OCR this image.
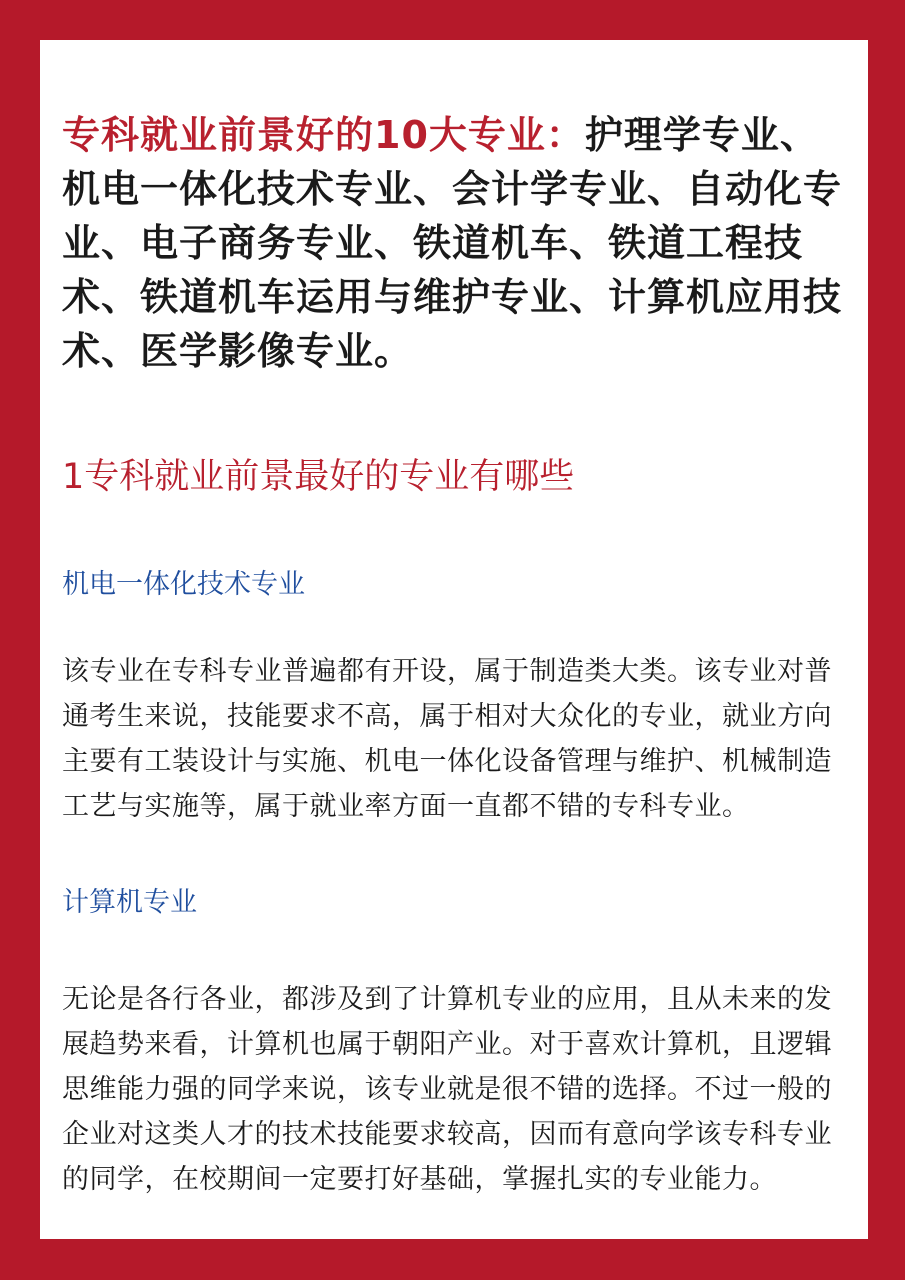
专科就业前景好的10大专业：护理学专业、机电一体化技术专业、会计学专业、自动化专业、电子商务专业、铁道机车、铁道工程技术、铁道机车运用与维护专业、计算机应用技术、医学影像专业。

1专科就业前景最好的专业有哪些
机电一体化技术专业

该专业在专科专业普遍都有开设，属于制造类大类。该专业对普通考生来说，技能要求不高，属于相对大众化的专业，就业方向主要有工装设计与实施、机电一体化设备管理与维护、机械制造工艺与实施等，属于就业率方面一直都不错的专科专业。

计算机专业

无论是各行各业，都涉及到了计算机专业的应用，且从未来的发展趋势来看，计算机也属于朝阳产业。对于喜欢计算机，且逻辑思维能力强的同学来说，该专业就是很不错的选择。不过一般的企业对这类人才的技术技能要求较高，因而有意向学该专科专业的同学，在校期间一定要打好基础，掌握扎实的专业能力。
